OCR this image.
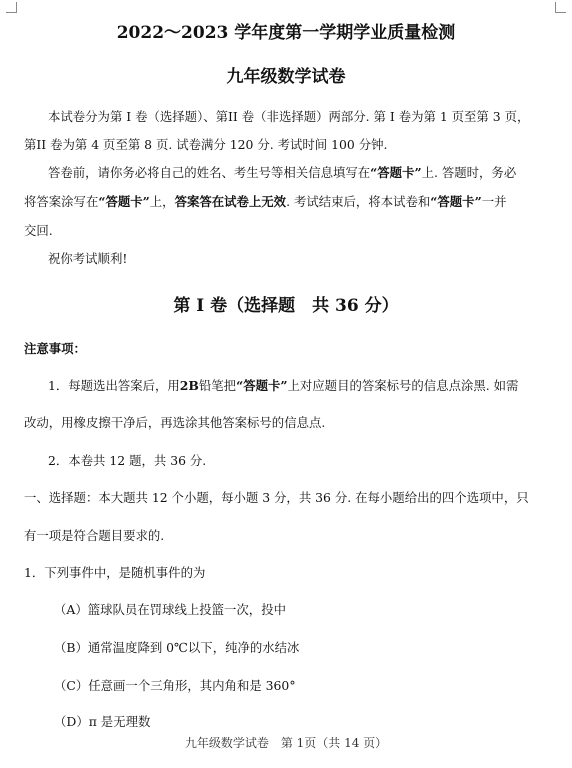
2022～2023 学年度第一学期学业质量检测
九年级数学试卷
本试卷分为第 I 卷（选择题）、第II 卷（非选择题）两部分. 第 I 卷为第 1 页至第 3 页，
第II 卷为第 4 页至第 8 页. 试卷满分 120 分. 考试时间 100 分钟.
答卷前，请你务必将自己的姓名、考生号等相关信息填写在“答题卡”上. 答题时，务必
将答案涂写在“答题卡”上，答案答在试卷上无效. 考试结束后，将本试卷和“答题卡”一并
交回.
祝你考试顺利!
第 I 卷（选择题　共 36 分）
注意事项：
1．每题选出答案后，用2B铅笔把“答题卡”上对应题目的答案标号的信息点涂黑. 如需
改动，用橡皮擦干净后，再选涂其他答案标号的信息点.
2．本卷共 12 题，共 36 分.
一、选择题：本大题共 12 个小题，每小题 3 分，共 36 分. 在每小题给出的四个选项中，只
有一项是符合题目要求的.
1．下列事件中，是随机事件的为
（A）篮球队员在罚球线上投篮一次，投中
（B）通常温度降到 0℃以下，纯净的水结冰
（C）任意画一个三角形，其内角和是 360°
（D）π 是无理数
九年级数学试卷　第 1页（共 14 页）
